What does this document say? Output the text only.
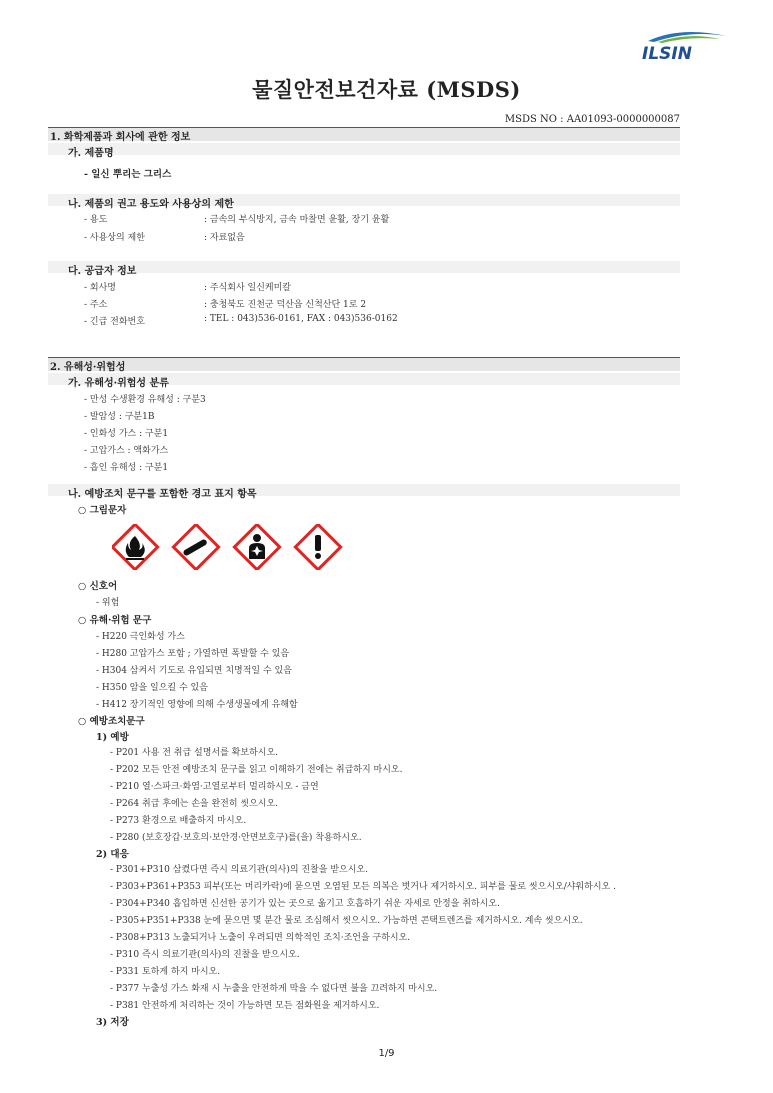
ILSIN
물질안전보건자료 (MSDS)
MSDS NO : AA01093-0000000087
1. 화학제품과 회사에 관한 정보
가. 제품명
- 일신 뿌리는 그리스
나. 제품의 권고 용도와 사용상의 제한
- 용도	: 금속의 부식방지, 금속 마찰면 윤활, 장기 윤활
- 사용상의 제한	: 자료없음
다. 공급자 정보
- 회사명	: 주식회사 일신케미칼
- 주소	: 충청북도 진천군 덕산읍 신척산단 1로 2
- 긴급 전화번호	: TEL : 043)536-0161, FAX : 043)536-0162
2. 유해성·위험성
가. 유해성·위험성 분류
- 만성 수생환경 유해성 : 구분3
- 발암성 : 구분1B
- 인화성 가스 : 구분1
- 고압가스 : 액화가스
- 흡인 유해성 : 구분1
나. 예방조치 문구를 포함한 경고 표지 항목
○ 그림문자
○ 신호어
- 위험
○ 유해·위험 문구
- H220 극인화성 가스
- H280 고압가스 포함 ; 가열하면 폭발할 수 있음
- H304 삼켜서 기도로 유입되면 치명적일 수 있음
- H350 암을 일으킬 수 있음
- H412 장기적인 영향에 의해 수생생물에게 유해함
○ 예방조치문구
1) 예방
- P201 사용 전 취급 설명서를 확보하시오.
- P202 모든 안전 예방조치 문구를 읽고 이해하기 전에는 취급하지 마시오.
- P210 열·스파크·화염·고열로부터 멀리하시오 - 금연
- P264 취급 후에는 손을 완전히 씻으시오.
- P273 환경으로 배출하지 마시오.
- P280 (보호장갑·보호의·보안경·안면보호구)를(을) 착용하시오.
2) 대응
- P301+P310 삼켰다면 즉시 의료기관(의사)의 진찰을 받으시오.
- P303+P361+P353 피부(또는 머리카락)에 묻으면 오염된 모든 의복은 벗거나 제거하시오. 피부를 물로 씻으시오/샤워하시오 .
- P304+P340 흡입하면 신선한 공기가 있는 곳으로 옮기고 호흡하기 쉬운 자세로 안정을 취하시오.
- P305+P351+P338 눈에 묻으면 몇 분간 물로 조심해서 씻으시오. 가능하면 콘택트렌즈를 제거하시오. 계속 씻으시오.
- P308+P313 노출되거나 노출이 우려되면 의학적인 조치·조언을 구하시오.
- P310 즉시 의료기관(의사)의 진찰을 받으시오.
- P331 토하게 하지 마시오.
- P377 누출성 가스 화재 시 누출을 안전하게 막을 수 없다면 불을 끄려하지 마시오.
- P381 안전하게 처리하는 것이 가능하면 모든 점화원을 제거하시오.
3) 저장
1/9
